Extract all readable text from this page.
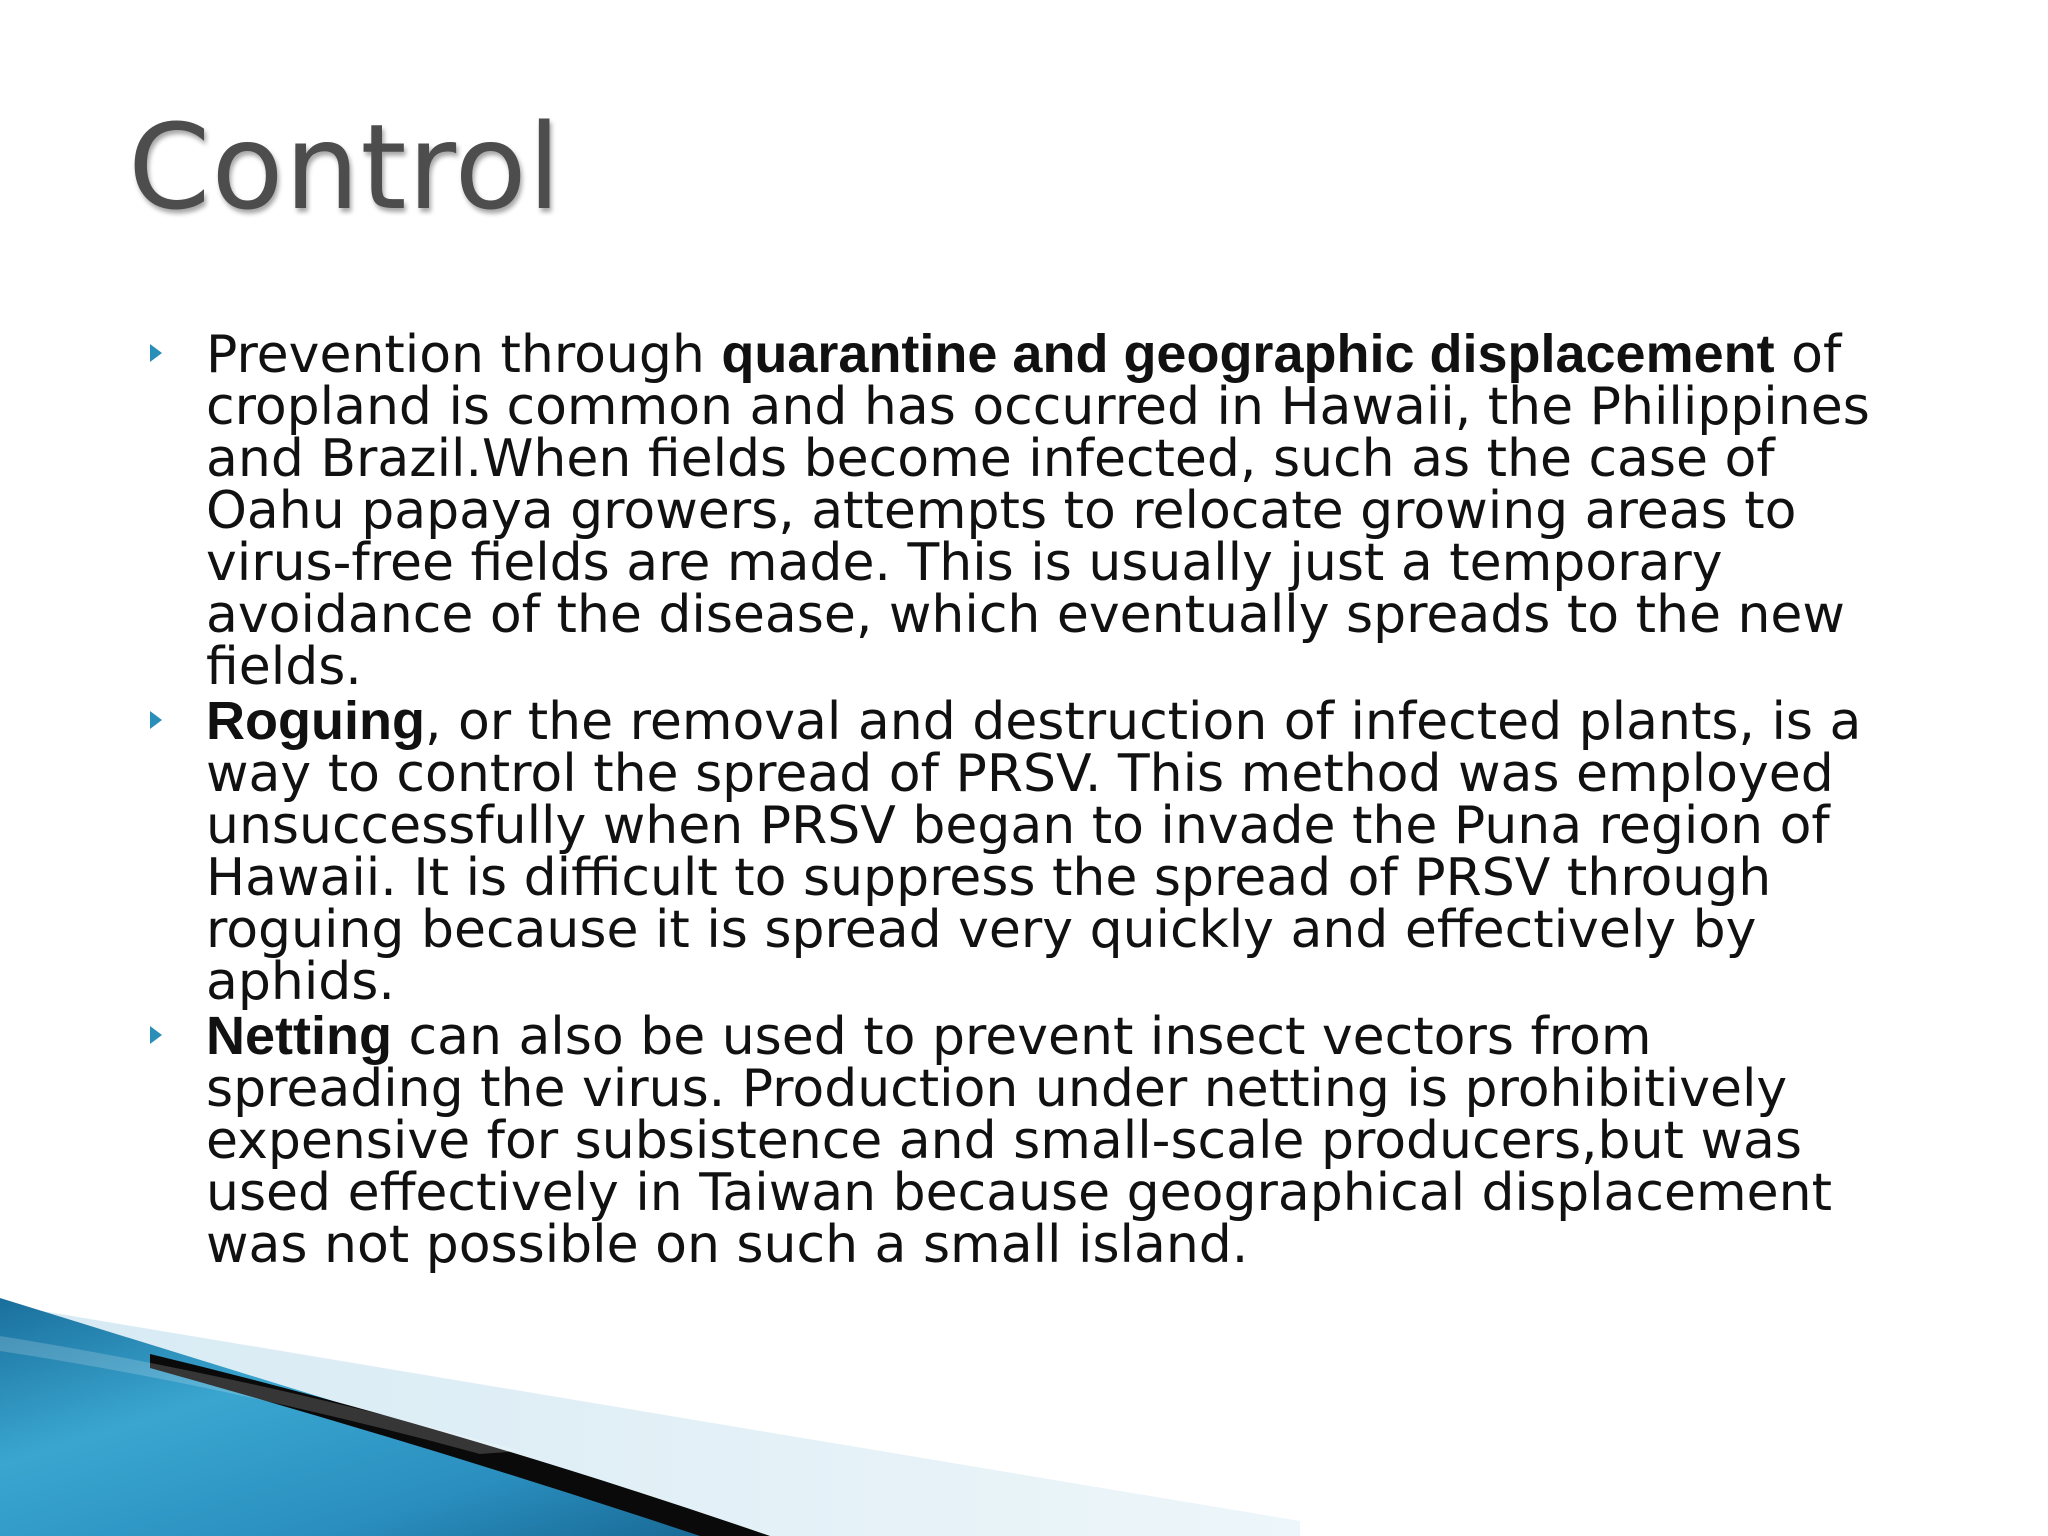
Control
Prevention through quarantine and geographic displacement of cropland is common and has occurred in Hawaii, the Philippines and Brazil.When fields become infected, such as the case of Oahu papaya growers, attempts to relocate growing areas to virus-free fields are made. This is usually just a temporary avoidance of the disease, which eventually spreads to the new fields.
Roguing, or the removal and destruction of infected plants, is a way to control the spread of PRSV. This method was employed unsuccessfully when PRSV began to invade the Puna region of Hawaii. It is difficult to suppress the spread of PRSV through roguing because it is spread very quickly and effectively by aphids.
Netting can also be used to prevent insect vectors from spreading the virus. Production under netting is prohibitively expensive for subsistence and small-scale producers,but was used effectively in Taiwan because geographical displacement was not possible on such a small island.
